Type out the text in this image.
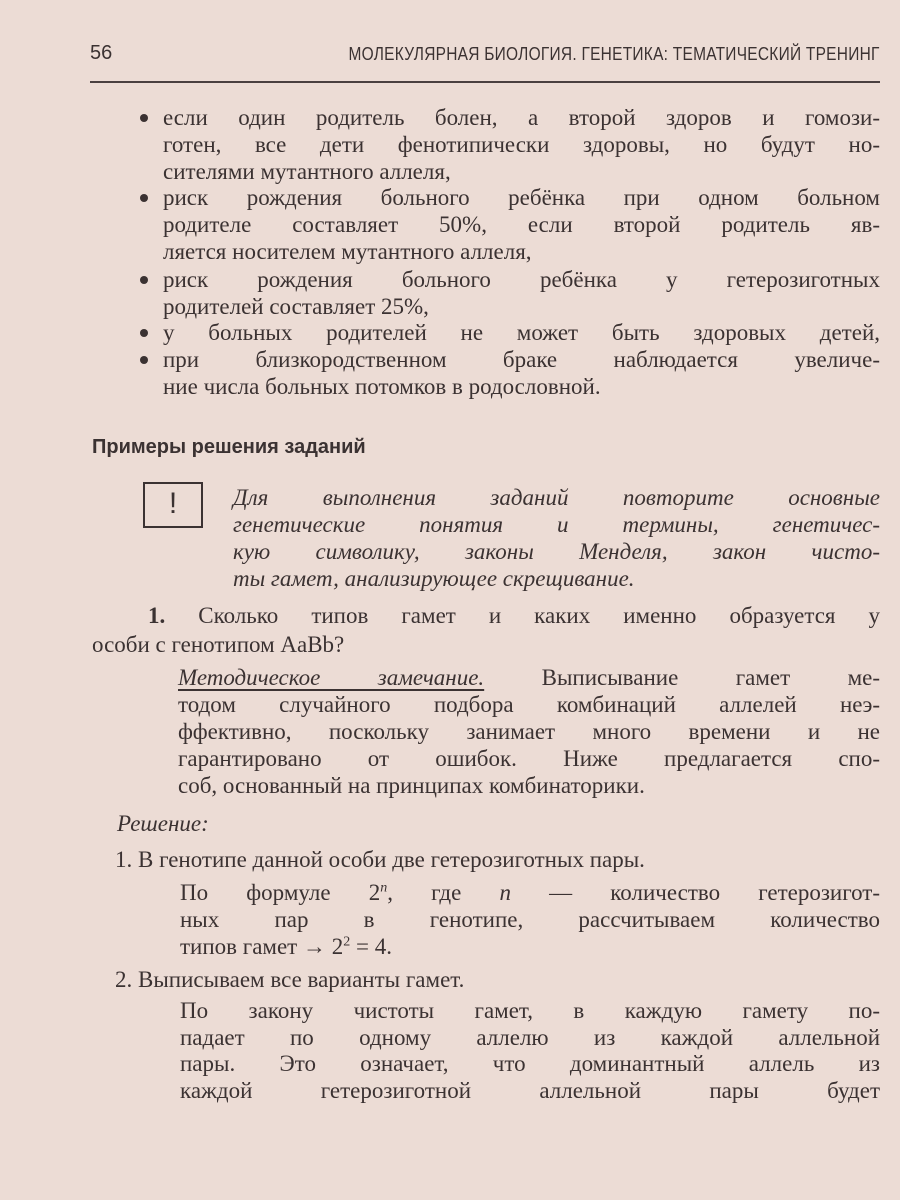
56	МОЛЕКУЛЯРНАЯ БИОЛОГИЯ. ГЕНЕТИКА: ТЕМАТИЧЕСКИЙ ТРЕНИНГ
если один родитель болен, а второй здоров и гомози-
готен, все дети фенотипически здоровы, но будут но-
сителями мутантного аллеля,
риск рождения больного ребёнка при одном больном
родителе составляет 50%, если второй родитель яв-
ляется носителем мутантного аллеля,
риск рождения больного ребёнка у гетерозиготных
родителей составляет 25%,
у больных родителей не может быть здоровых детей,
при близкородственном браке наблюдается увеличе-
ние числа больных потомков в родословной.
Примеры решения заданий
!	Для выполнения заданий повторите основные
генетические понятия и термины, генетичес-
кую символику, законы Менделя, закон чисто-
ты гамет, анализирующее скрещивание.
1. Сколько типов гамет и каких именно образуется у
особи с генотипом AaBb?
Методическое замечание. Выписывание гамет ме-
тодом случайного подбора комбинаций аллелей неэ-
ффективно, поскольку занимает много времени и не
гарантировано от ошибок. Ниже предлагается спо-
соб, основанный на принципах комбинаторики.
Решение:
1. В генотипе данной особи две гетерозиготных пары.
По формуле 2$^n$, где n — количество гетерозигот-
ных пар в генотипе, рассчитываем количество
типов гамет → $2^2 = 4$.
2. Выписываем все варианты гамет.
По закону чистоты гамет, в каждую гамету по-
падает по одному аллелю из каждой аллельной
пары. Это означает, что доминантный аллель из
каждой гетерозиготной аллельной пары будет
